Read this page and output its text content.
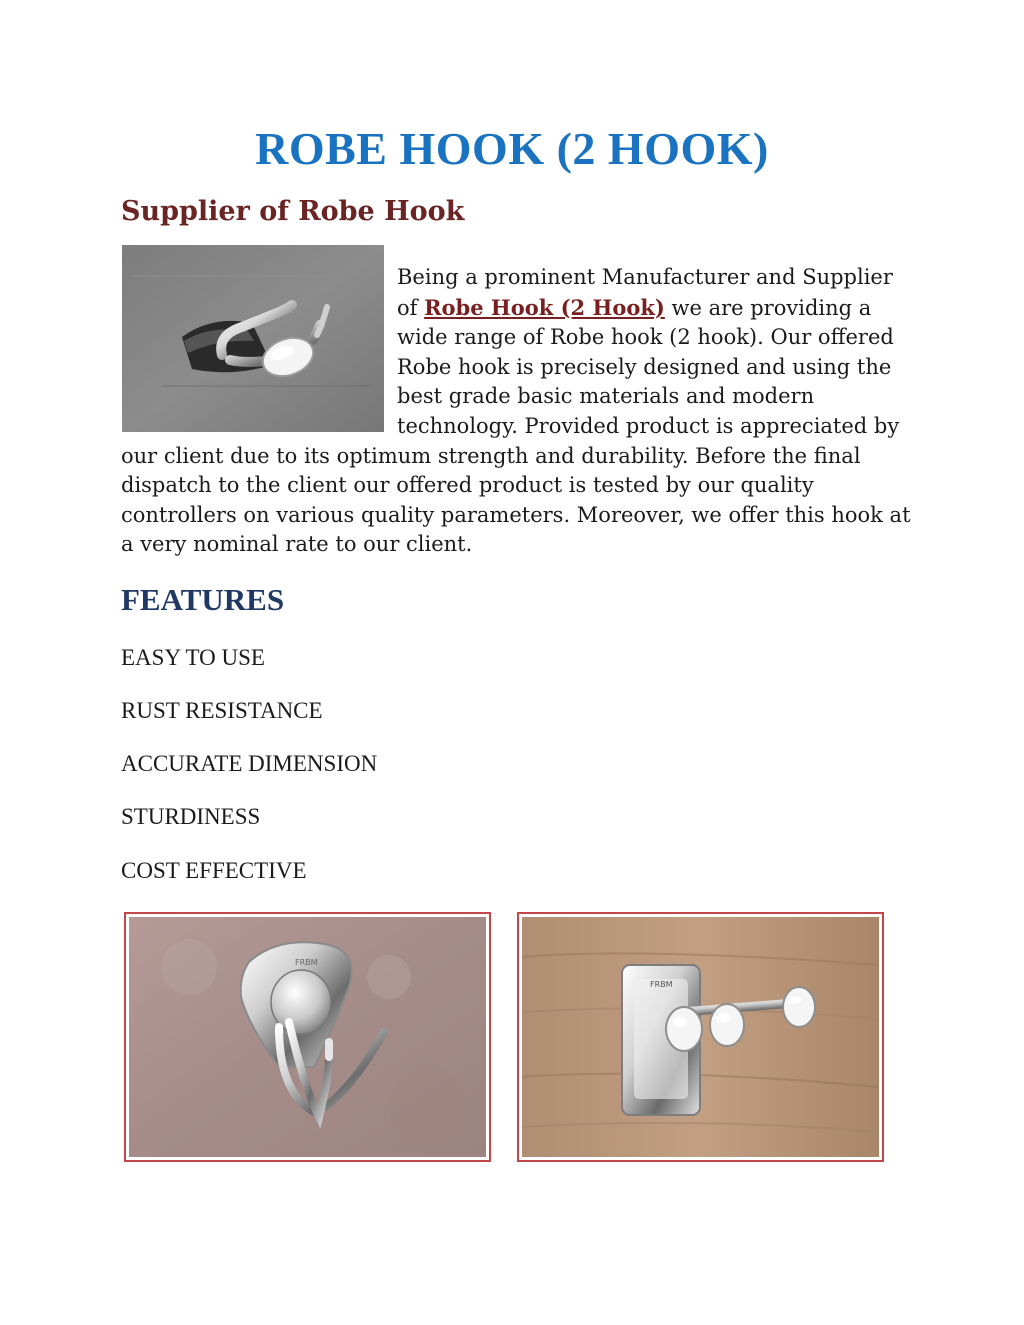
ROBE HOOK (2 HOOK)
Supplier of Robe Hook

Being a prominent Manufacturer and Supplier of Robe Hook (2 Hook) we are providing a wide range of Robe hook (2 hook). Our offered Robe hook is precisely designed and using the best grade basic materials and modern technology. Provided product is appreciated by our client due to its optimum strength and durability. Before the final dispatch to the client our offered product is tested by our quality controllers on various quality parameters. Moreover, we offer this hook at a very nominal rate to our client.

FEATURES

EASY TO USE

RUST RESISTANCE

ACCURATE DIMENSION

STURDINESS

COST EFFECTIVE

FRBM
FRBM
